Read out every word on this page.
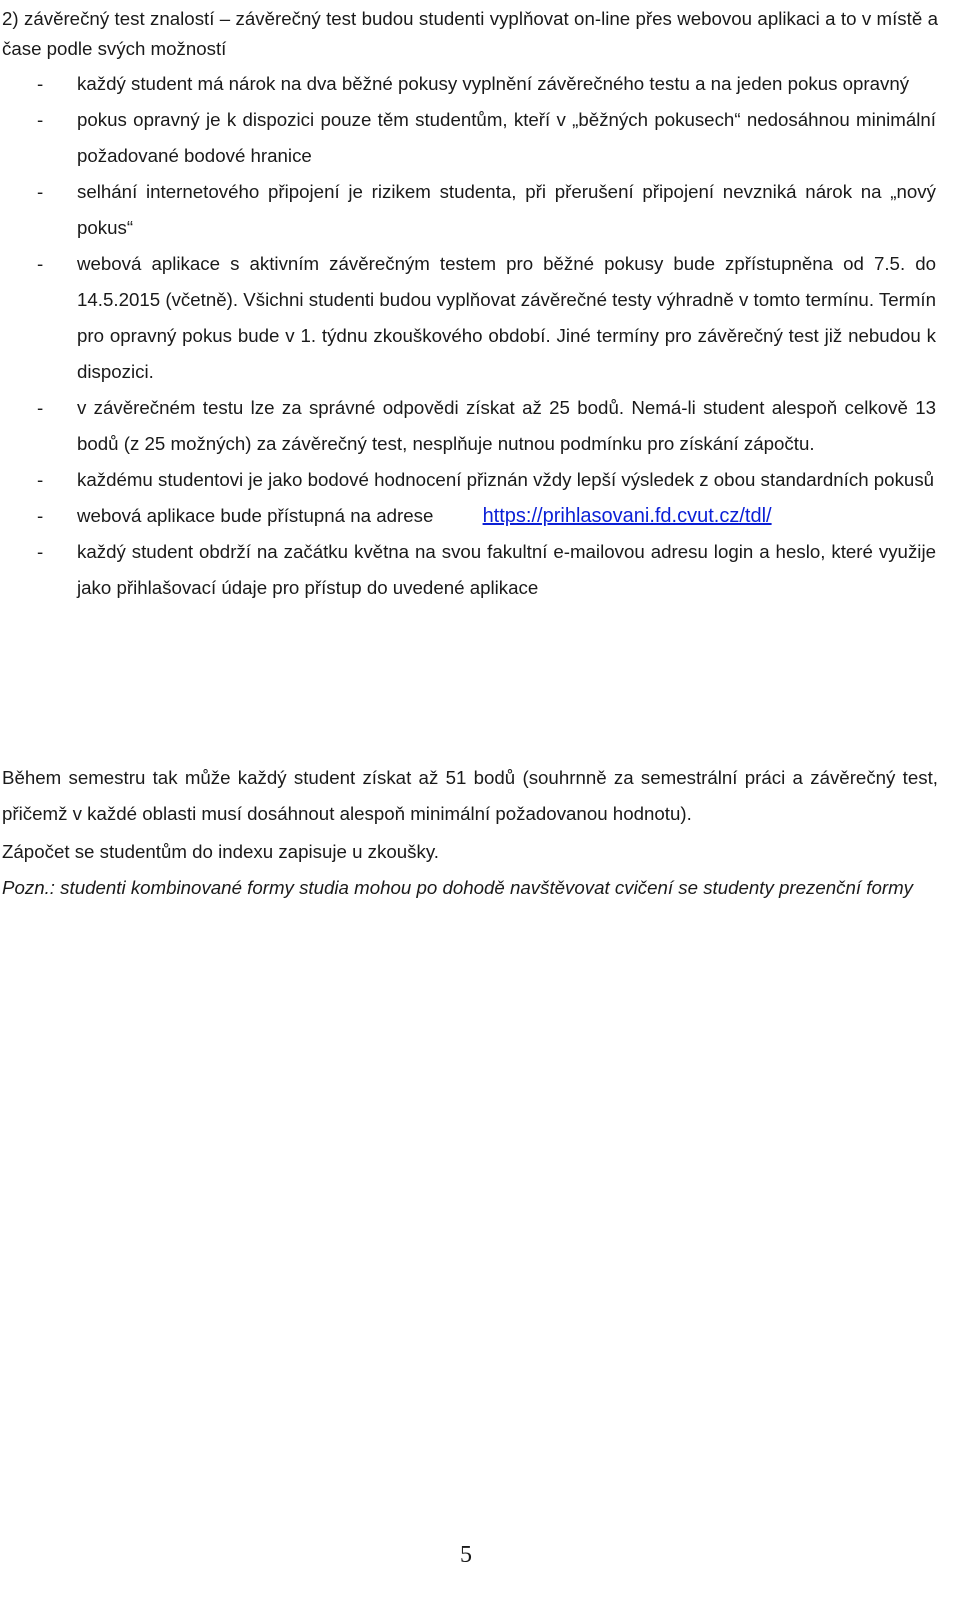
2) závěrečný test znalostí – závěrečný test budou studenti vyplňovat on-line přes webovou aplikaci a to v místě a čase podle svých možností
- každý student má nárok na dva běžné pokusy vyplnění závěrečného testu a na jeden pokus opravný
- pokus opravný je k dispozici pouze těm studentům, kteří v „běžných pokusech“ nedosáhnou minimální požadované bodové hranice
- selhání internetového připojení je rizikem studenta, při přerušení připojení nevzniká nárok na „nový pokus“
- webová aplikace s aktivním závěrečným testem pro běžné pokusy bude zpřístupněna od 7.5. do 14.5.2015 (včetně). Všichni studenti budou vyplňovat závěrečné testy výhradně v tomto termínu. Termín pro opravný pokus bude v 1. týdnu zkouškového období. Jiné termíny pro závěrečný test již nebudou k dispozici.
- v závěrečném testu lze za správné odpovědi získat až 25 bodů. Nemá-li student alespoň celkově 13 bodů (z 25 možných) za závěrečný test, nesplňuje nutnou podmínku pro získání zápočtu.
- každému studentovi je jako bodové hodnocení přiznán vždy lepší výsledek z obou standardních pokusů
- webová aplikace bude přístupná na adrese https://prihlasovani.fd.cvut.cz/tdl/
- každý student obdrží na začátku května na svou fakultní e-mailovou adresu login a heslo, které využije jako přihlašovací údaje pro přístup do uvedené aplikace
Během semestru tak může každý student získat až 51 bodů (souhrnně za semestrální práci a závěrečný test, přičemž v každé oblasti musí dosáhnout alespoň minimální požadovanou hodnotu).
Zápočet se studentům do indexu zapisuje u zkoušky.
Pozn.: studenti kombinované formy studia mohou po dohodě navštěvovat cvičení se studenty prezenční formy
5
